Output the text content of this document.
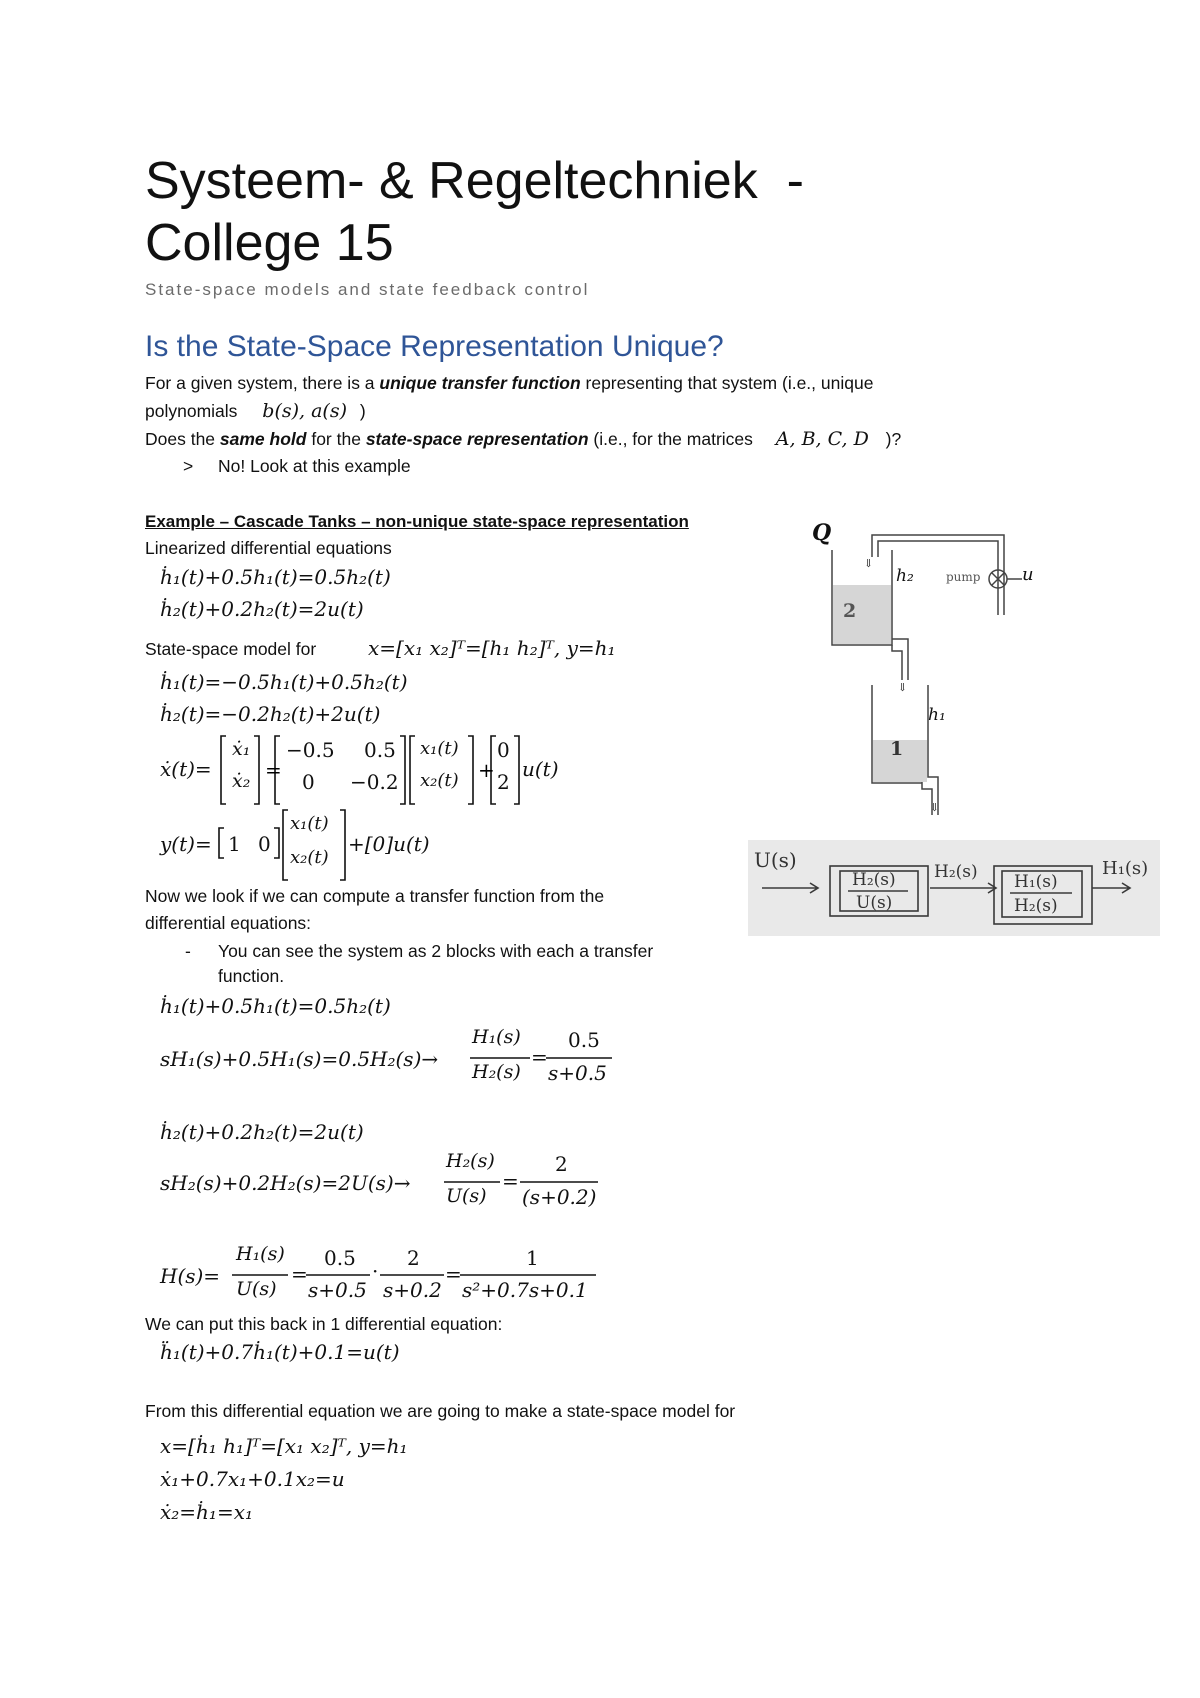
Systeem- & Regeltechniek  -
College 15
State-space models and state feedback control
Is the State-Space Representation Unique?
For a given system, there is a unique transfer function representing that system (i.e., unique
polynomials b(s), a(s) )
Does the same hold for the state-space representation (i.e., for the matrices A, B, C, D )?
> No! Look at this example
Example – Cascade Tanks – non-unique state-space representation
Linearized differential equations
ḣ₁(t)+0.5h₁(t)=0.5h₂(t)
ḣ₂(t)+0.2h₂(t)=2u(t)
State-space model for	x=[x₁ x₂]ᵀ=[h₁ h₂]ᵀ, y=h₁
ḣ₁(t)=−0.5h₁(t)+0.5h₂(t)
ḣ₂(t)=−0.2h₂(t)+2u(t)
ẋ(t)=	=	+
ẋ₁
ẋ₂
−0.5 0.5
0 −0.2
x₁(t)
x₂(t)
0
2
u(t)
y(t)= 1 0
x₁(t)
x₂(t)
+[0]u(t)
Now we look if we can compute a transfer function from the
differential equations:
- You can see the system as 2 blocks with each a transfer
function.
ḣ₁(t)+0.5h₁(t)=0.5h₂(t)
sH₁(s)+0.5H₁(s)=0.5H₂(s)→
H₁(s)
H₂(s)
0.5
s+0.5
ḣ₂(t)+0.2h₂(t)=2u(t)
sH₂(s)+0.2H₂(s)=2U(s)→
H₂(s)
U(s)
2
(s+0.2)
H(s)=
H₁(s)
U(s)
0.5
s+0.5
2
s+0.2
1
s²+0.7s+0.1
=
=
=	·	=
We can put this back in 1 differential equation:
ḧ₁(t)+0.7ḣ₁(t)+0.1=u(t)
From this differential equation we are going to make a state-space model for
x=[ḣ₁ h₁]ᵀ=[x₁ x₂]ᵀ, y=h₁
ẋ₁+0.7x₁+0.1x₂=u
ẋ₂=ḣ₁=x₁
⇓
⇓
⇓
Q
h₂
h₁
pump u
2
1
U(s)
H₂(s)
U(s)
H₂(s) H₁(s)
H₂(s)
H₁(s)
